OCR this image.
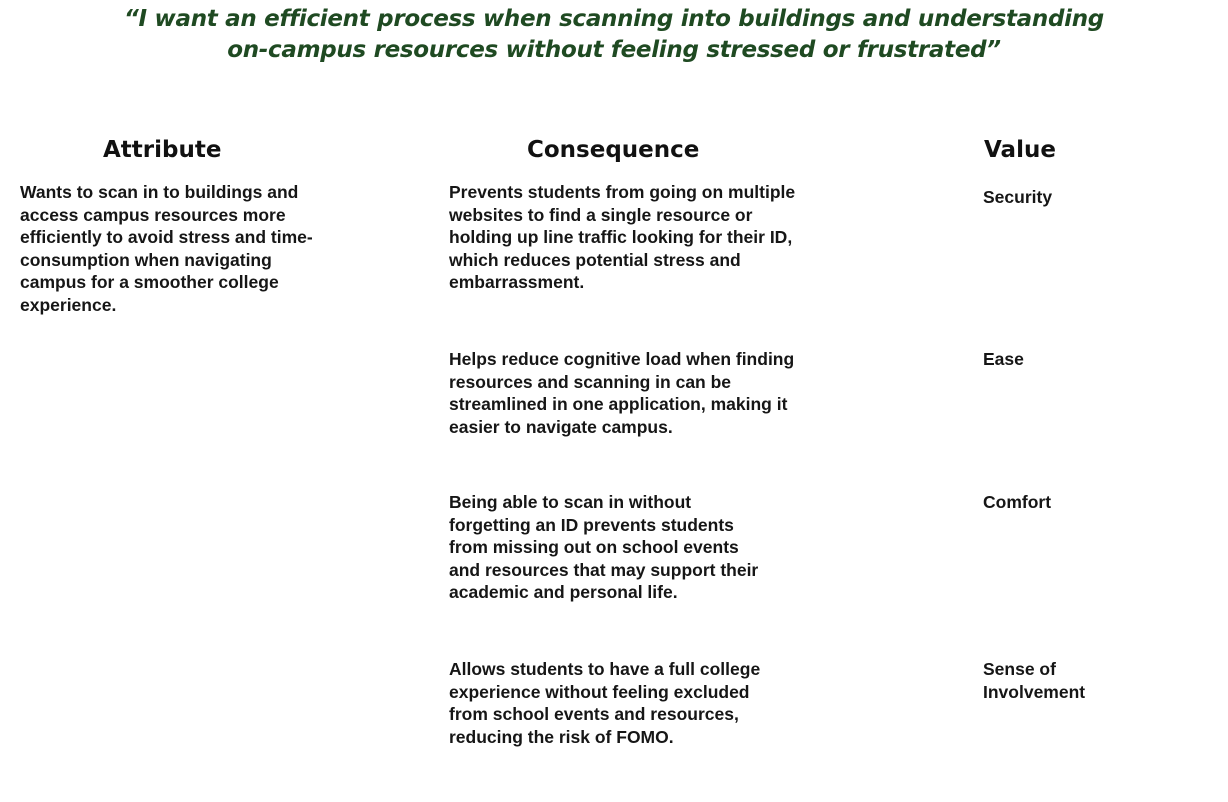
“I want an efficient process when scanning into buildings and understanding
on-campus resources without feeling stressed or frustrated”
Attribute	Consequence	Value
Wants to scan in to buildings and
access campus resources more
efficiently to avoid stress and time-
consumption when navigating
campus for a smoother college
experience.
Prevents students from going on multiple
websites to find a single resource or
holding up line traffic looking for their ID,
which reduces potential stress and
embarrassment.
Security
Helps reduce cognitive load when finding
resources and scanning in can be
streamlined in one application, making it
easier to navigate campus.
Ease
Being able to scan in without
forgetting an ID prevents students
from missing out on school events
and resources that may support their
academic and personal life.
Comfort
Allows students to have a full college
experience without feeling excluded
from school events and resources,
reducing the risk of FOMO.
Sense of
Involvement
